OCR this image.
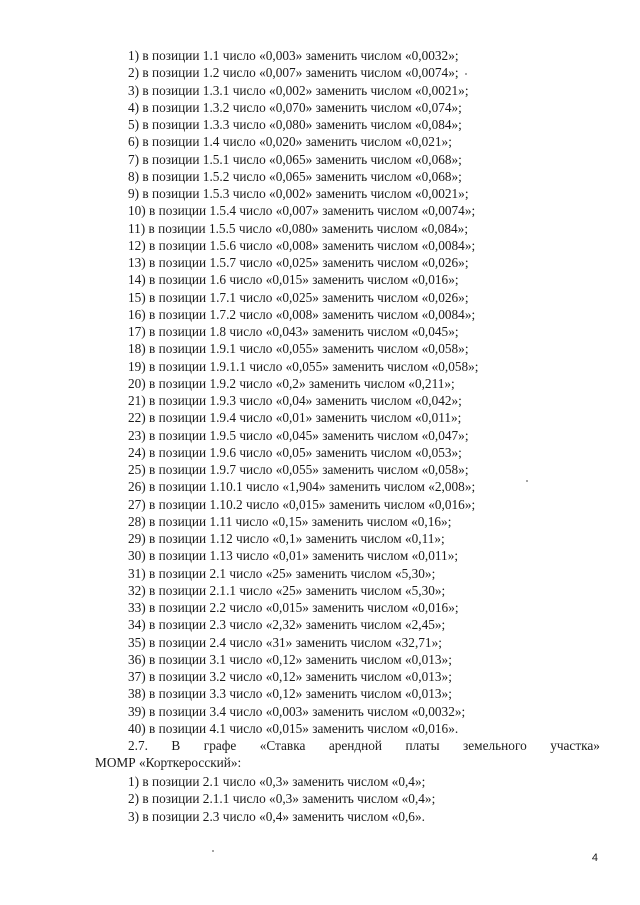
1) в позиции 1.1 число «0,003» заменить числом «0,0032»;
2) в позиции 1.2 число «0,007» заменить числом «0,0074»;
3) в позиции 1.3.1 число «0,002» заменить числом «0,0021»;
4) в позиции 1.3.2 число «0,070» заменить числом «0,074»;
5) в позиции 1.3.3 число «0,080» заменить числом «0,084»;
6) в позиции 1.4 число «0,020» заменить числом «0,021»;
7) в позиции 1.5.1 число «0,065» заменить числом «0,068»;
8) в позиции 1.5.2 число «0,065» заменить числом «0,068»;
9) в позиции 1.5.3 число «0,002» заменить числом «0,0021»;
10) в позиции 1.5.4 число «0,007» заменить числом «0,0074»;
11) в позиции 1.5.5 число «0,080» заменить числом «0,084»;
12) в позиции 1.5.6 число «0,008» заменить числом «0,0084»;
13) в позиции 1.5.7 число «0,025» заменить числом «0,026»;
14) в позиции 1.6 число «0,015» заменить числом «0,016»;
15) в позиции 1.7.1 число «0,025» заменить числом «0,026»;
16) в позиции 1.7.2 число «0,008» заменить числом «0,0084»;
17) в позиции 1.8 число «0,043» заменить числом «0,045»;
18) в позиции 1.9.1 число «0,055» заменить числом «0,058»;
19) в позиции 1.9.1.1 число «0,055» заменить числом «0,058»;
20) в позиции 1.9.2 число «0,2» заменить числом «0,211»;
21) в позиции 1.9.3 число «0,04» заменить числом «0,042»;
22) в позиции 1.9.4 число «0,01» заменить числом «0,011»;
23) в позиции 1.9.5 число «0,045» заменить числом «0,047»;
24) в позиции 1.9.6 число «0,05» заменить числом «0,053»;
25) в позиции 1.9.7 число «0,055» заменить числом «0,058»;
26) в позиции 1.10.1 число «1,904» заменить числом «2,008»;
27) в позиции 1.10.2 число «0,015» заменить числом «0,016»;
28) в позиции 1.11 число «0,15» заменить числом «0,16»;
29) в позиции 1.12 число «0,1» заменить числом «0,11»;
30) в позиции 1.13 число «0,01» заменить числом «0,011»;
31) в позиции 2.1 число «25» заменить числом «5,30»;
32) в позиции 2.1.1 число «25» заменить числом «5,30»;
33) в позиции 2.2 число «0,015» заменить числом «0,016»;
34) в позиции 2.3 число «2,32» заменить числом «2,45»;
35) в позиции 2.4 число «31» заменить числом «32,71»;
36) в позиции 3.1 число «0,12» заменить числом «0,013»;
37) в позиции 3.2 число «0,12» заменить числом «0,013»;
38) в позиции 3.3 число «0,12» заменить числом «0,013»;
39) в позиции 3.4 число «0,003» заменить числом «0,0032»;
40) в позиции 4.1 число «0,015» заменить числом «0,016».
2.7. В графе «Ставка арендной платы земельного участка»
МОМР «Корткеросский»:
1) в позиции 2.1 число «0,3» заменить числом «0,4»;
2) в позиции 2.1.1 число «0,3» заменить числом «0,4»;
3) в позиции 2.3 число «0,4» заменить числом «0,6».
4
